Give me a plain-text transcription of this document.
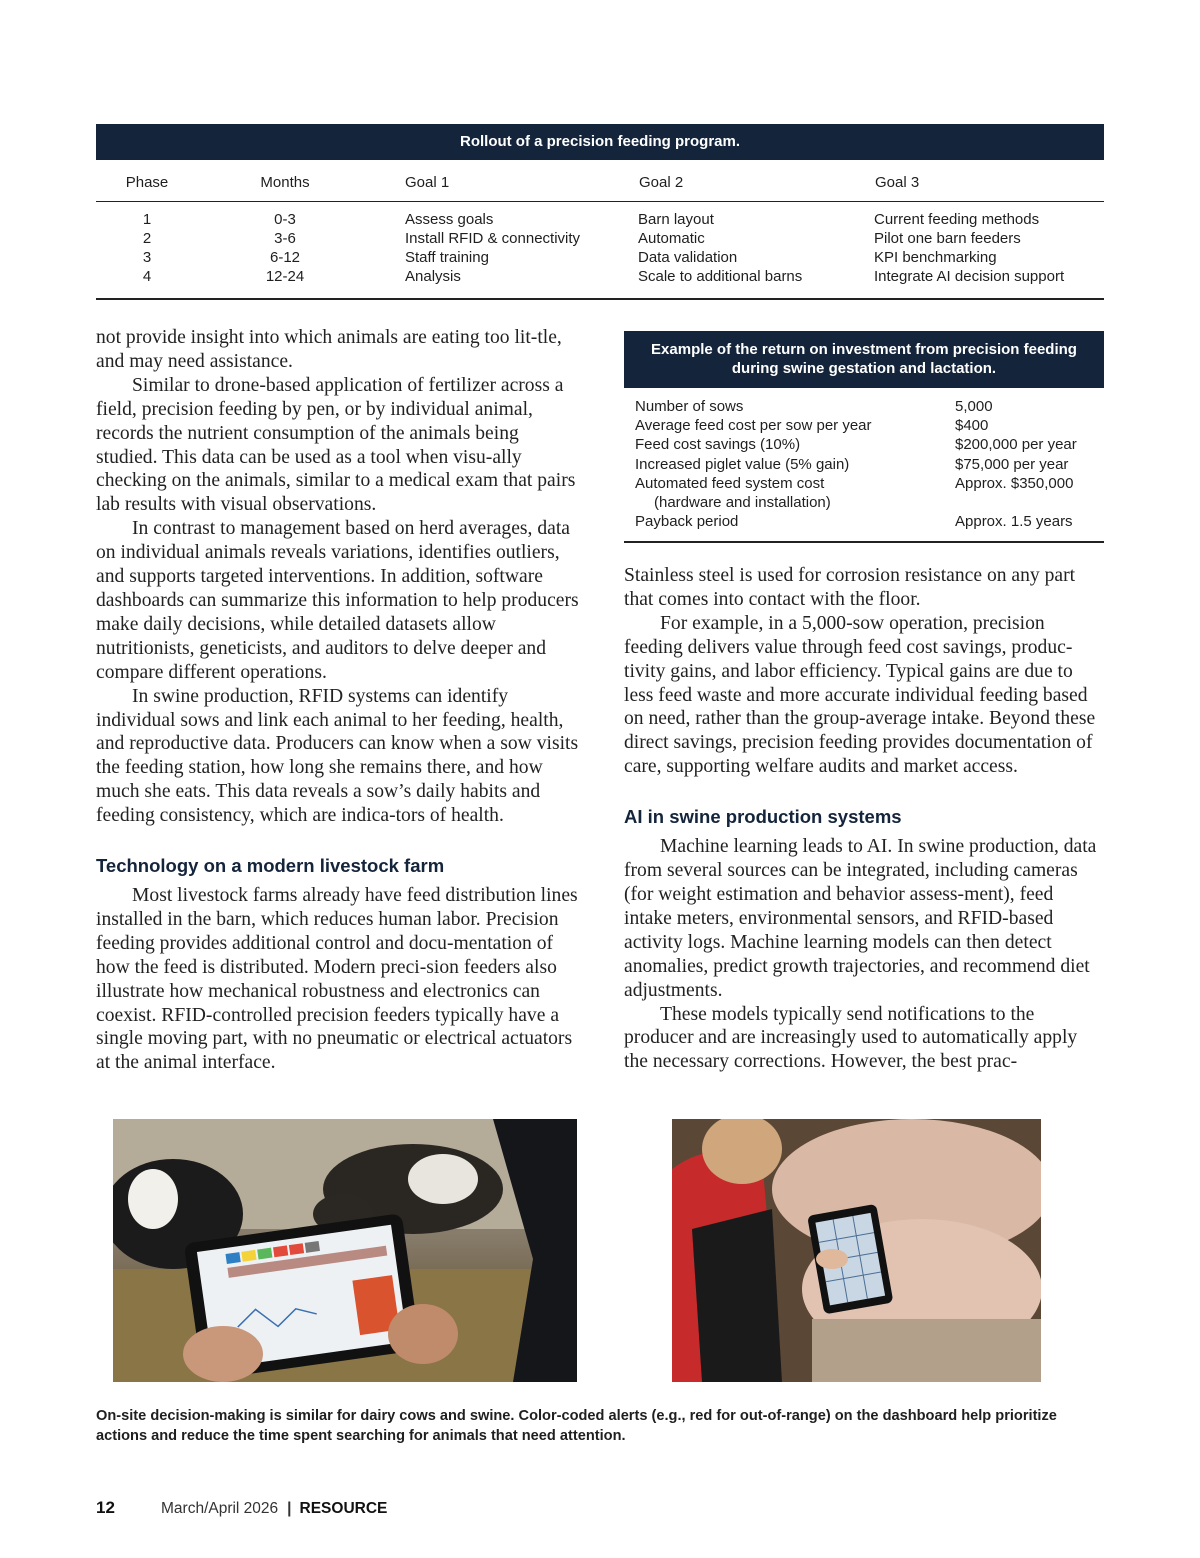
Rollout of a precision feeding program.
Phase	Months	Goal 1	Goal 2	Goal 3
1	0-3	Assess goals	Barn layout	Current feeding methods
2	3-6	Install RFID & connectivity	Automatic	Pilot one barn feeders
3	6-12	Staff training	Data validation	KPI benchmarking
4	12-24	Analysis	Scale to additional barns	Integrate AI decision support

not provide insight into which animals are eating too lit-tle, and may need assistance.

Similar to drone-based application of fertilizer across a field, precision feeding by pen, or by individual animal, records the nutrient consumption of the animals being studied. This data can be used as a tool when visu-ally checking on the animals, similar to a medical exam that pairs lab results with visual observations.

In contrast to management based on herd averages, data on individual animals reveals variations, identifies outliers, and supports targeted interventions. In addition, software dashboards can summarize this information to help producers make daily decisions, while detailed datasets allow nutritionists, geneticists, and auditors to delve deeper and compare different operations.

In swine production, RFID systems can identify individual sows and link each animal to her feeding, health, and reproductive data. Producers can know when a sow visits the feeding station, how long she remains there, and how much she eats. This data reveals a sow’s daily habits and feeding consistency, which are indica-tors of health.

Technology on a modern livestock farm

Most livestock farms already have feed distribution lines installed in the barn, which reduces human labor. Precision feeding provides additional control and docu-mentation of how the feed is distributed. Modern preci-sion feeders also illustrate how mechanical robustness and electronics can coexist. RFID-controlled precision feeders typically have a single moving part, with no pneumatic or electrical actuators at the animal interface.

Example of the return on investment from precision feeding during swine gestation and lactation.
Number of sows	5,000
Average feed cost per sow per year	$400
Feed cost savings (10%)	$200,000 per year
Increased piglet value (5% gain)	$75,000 per year

Automated feed system cost
(hardware and installation)	Approx. $350,000
Payback period	Approx. 1.5 years

Stainless steel is used for corrosion resistance on any part that comes into contact with the floor.

For example, in a 5,000-sow operation, precision feeding delivers value through feed cost savings, produc-tivity gains, and labor efficiency. Typical gains are due to less feed waste and more accurate individual feeding based on need, rather than the group-average intake. Beyond these direct savings, precision feeding provides documentation of care, supporting welfare audits and market access.

AI in swine production systems

Machine learning leads to AI. In swine production, data from several sources can be integrated, including cameras (for weight estimation and behavior assess-ment), feed intake meters, environmental sensors, and RFID-based activity logs. Machine learning models can then detect anomalies, predict growth trajectories, and recommend diet adjustments.

These models typically send notifications to the producer and are increasingly used to automatically apply the necessary corrections. However, the best prac-

On-site decision-making is similar for dairy cows and swine. Color-coded alerts (e.g., red for out-of-range) on the dashboard help prioritize actions and reduce the time spent searching for animals that need attention.
12	March/April 2026 | RESOURCE
